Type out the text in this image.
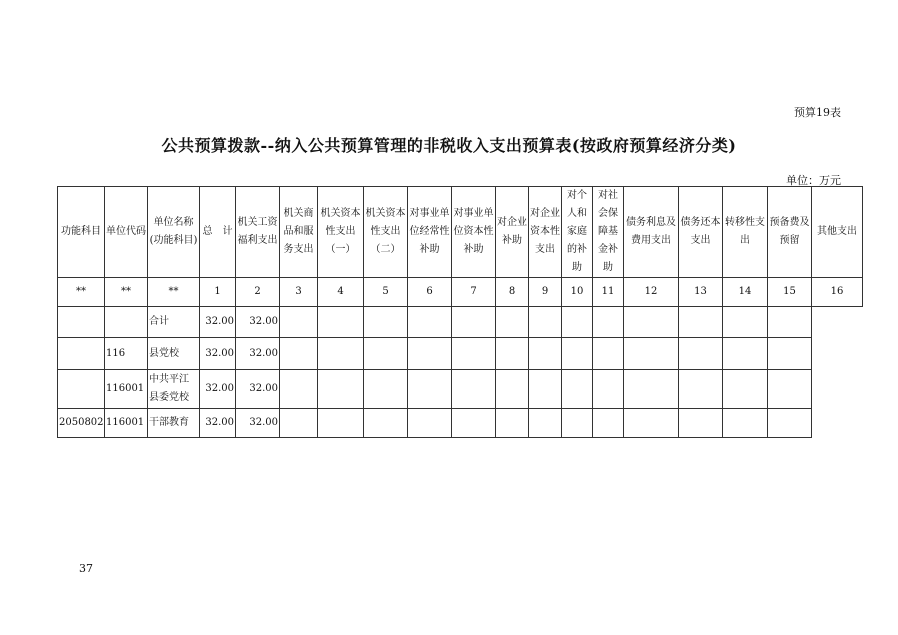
预算19表
公共预算拨款--纳入公共预算管理的非税收入支出预算表(按政府预算经济分类)
单位：万元
功能科目	单位代码	单位名称(功能科目)	总　计	机关工资福利支出	机关商品和服务支出	机关资本性支出（一）	机关资本性支出（二）	对事业单位经常性补助	对事业单位资本性补助	对企业补助	对企业资本性支出	对个人和家庭的补助	对社会保障基金补助	债务利息及费用支出	债务还本支出	转移性支出	预备费及预留	其他支出
**	**	**	1	2	3	4	5	6	7	8	9	10	11	12	13	14	15	16
		合计	32.00	32.00														
	116	县党校	32.00	32.00														
	116001	中共平江县委党校	32.00	32.00														
2050802	116001	干部教育	32.00	32.00														
37
